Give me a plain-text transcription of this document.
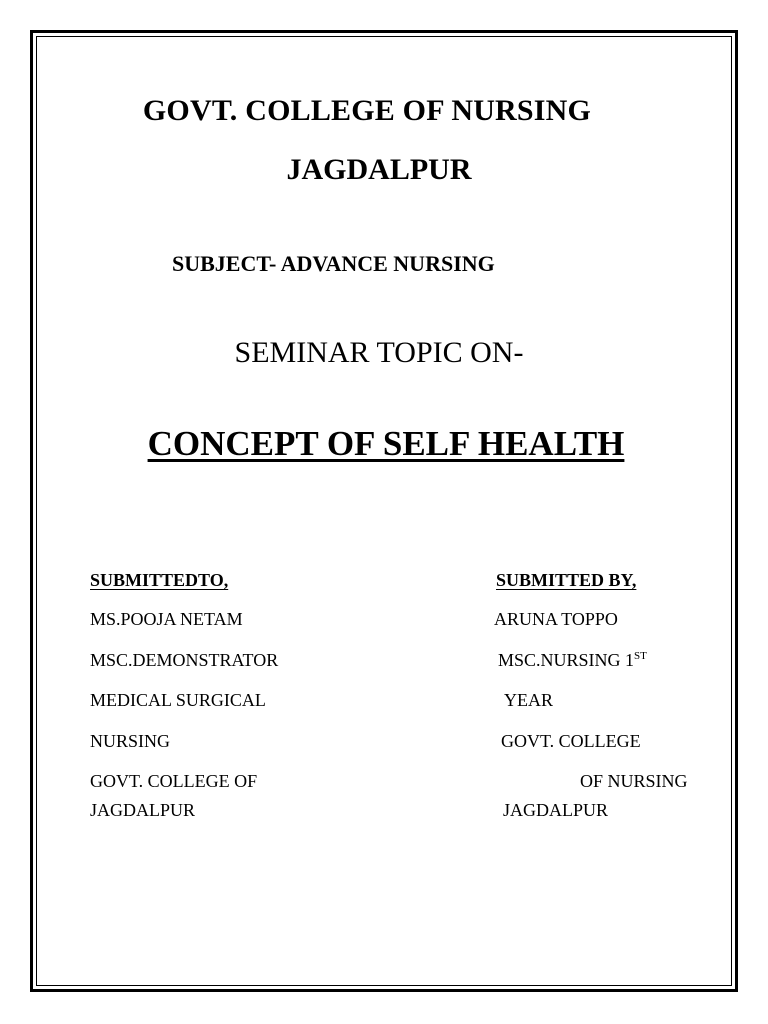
GOVT. COLLEGE OF NURSING
JAGDALPUR
SUBJECT- ADVANCE NURSING
SEMINAR TOPIC ON-
CONCEPT OF SELF HEALTH
SUBMITTEDTO,
MS.POOJA NETAM
MSC.DEMONSTRATOR
MEDICAL SURGICAL
NURSING
GOVT. COLLEGE OF
JAGDALPUR
SUBMITTED BY,
ARUNA TOPPO
MSC.NURSING 1ST
YEAR
GOVT. COLLEGE
OF NURSING
JAGDALPUR
